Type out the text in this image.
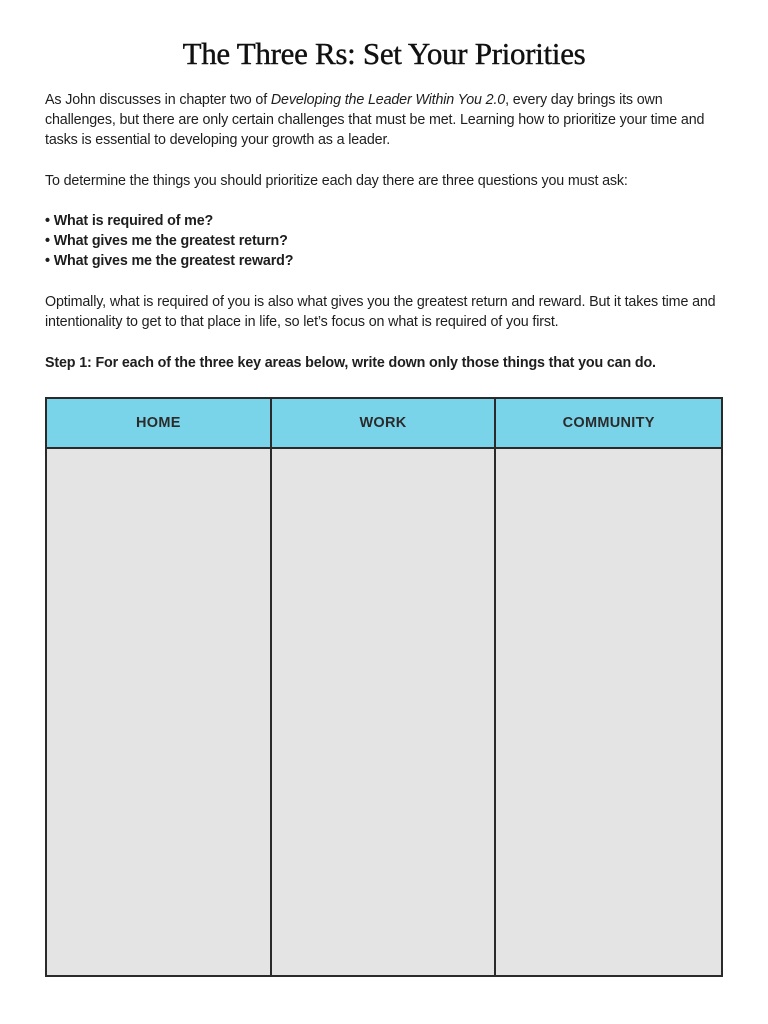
The Three Rs: Set Your Priorities

As John discusses in chapter two of Developing the Leader Within You 2.0, every day brings its own challenges, but there are only certain challenges that must be met. Learning how to prioritize your time and tasks is essential to developing your growth as a leader.

To determine the things you should prioritize each day there are three questions you must ask:

• What is required of me?
• What gives me the greatest return?
• What gives me the greatest reward?

Optimally, what is required of you is also what gives you the greatest return and reward. But it takes time and intentionality to get to that place in life, so let’s focus on what is required of you first.

Step 1: For each of the three key areas below, write down only those things that you can do.

HOME	WORK	COMMUNITY
